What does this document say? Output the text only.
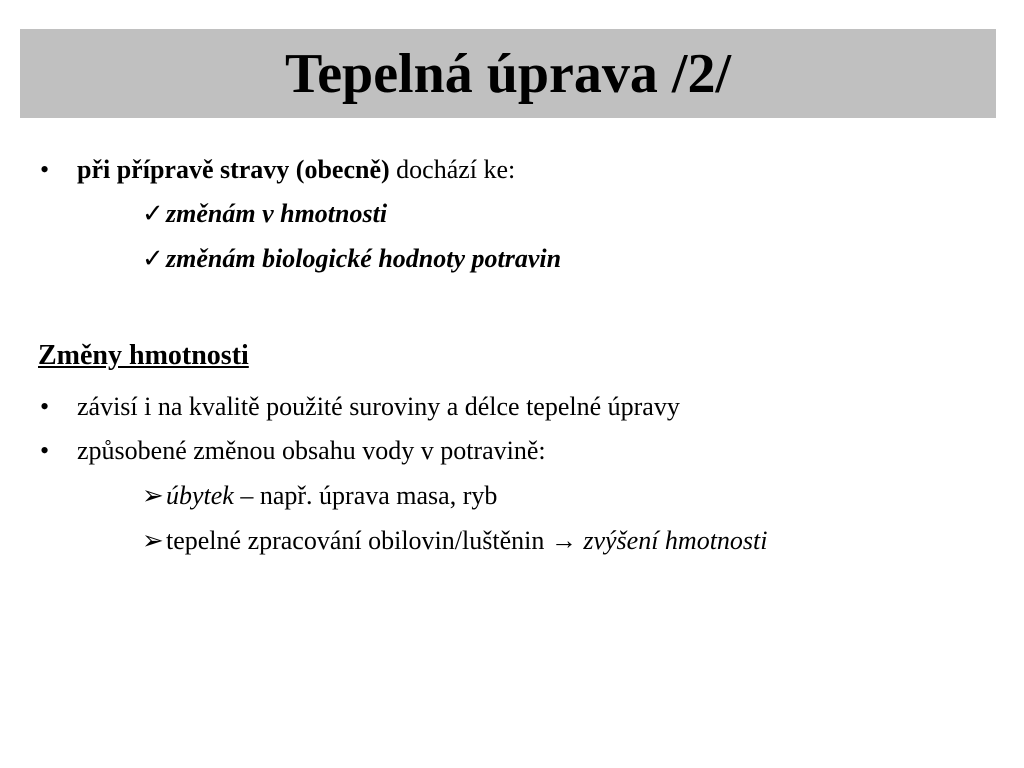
Tepelná úprava /2/
• při přípravě stravy (obecně) dochází ke:
✓změnám v hmotnosti
✓změnám biologické hodnoty potravin
Změny hmotnosti
• závisí i na kvalitě použité suroviny a délce tepelné úpravy
• způsobené změnou obsahu vody v potravině:
➢úbytek – např. úprava masa, ryb
➢tepelné zpracování obilovin/luštěnin → zvýšení hmotnosti
